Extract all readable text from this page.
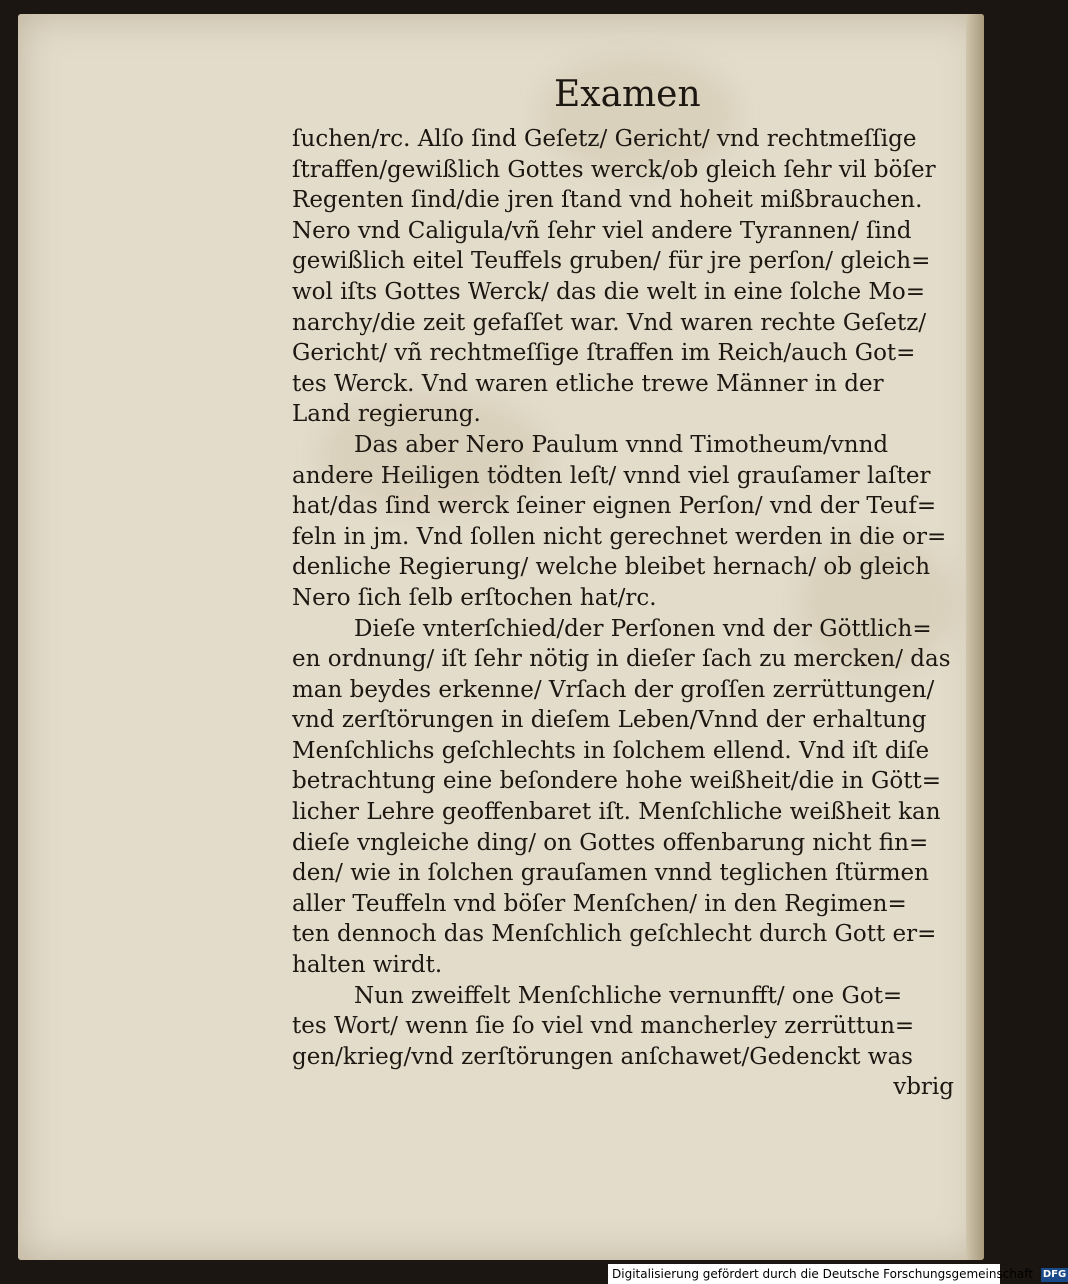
Examen
ſuchen/rc. Alſo ſind Geſetz/ Gericht/ vnd rechtmeſſige
ſtraffen/gewißlich Gottes werck/ob gleich ſehr vil böſer
Regenten ſind/die jren ſtand vnd hoheit mißbrauchen.
Nero vnd Caligula/vñ ſehr viel andere Tyrannen/ ſind
gewißlich eitel Teuffels gruben/ für jre perſon/ gleich=
wol iſts Gottes Werck/ das die welt in eine ſolche Mo=
narchy/die zeit gefaſſet war. Vnd waren rechte Geſetz/
Gericht/ vñ rechtmeſſige ſtraffen im Reich/auch Got=
tes Werck. Vnd waren etliche trewe Männer in der
Land regierung.
Das aber Nero Paulum vnnd Timotheum/vnnd
andere Heiligen tödten leſt/ vnnd viel grauſamer laſter
hat/das ſind werck ſeiner eignen Perſon/ vnd der Teuf=
feln in jm. Vnd ſollen nicht gerechnet werden in die or=
denliche Regierung/ welche bleibet hernach/ ob gleich
Nero ſich ſelb erſtochen hat/rc.
Dieſe vnterſchied/der Perſonen vnd der Göttlich=
en ordnung/ iſt ſehr nötig in dieſer ſach zu mercken/ das
man beydes erkenne/ Vrſach der groſſen zerrüttungen/
vnd zerſtörungen in dieſem Leben/Vnnd der erhaltung
Menſchlichs geſchlechts in ſolchem ellend. Vnd iſt diſe
betrachtung eine beſondere hohe weißheit/die in Gött=
licher Lehre geoffenbaret iſt. Menſchliche weißheit kan
dieſe vngleiche ding/ on Gottes offenbarung nicht fin=
den/ wie in ſolchen grauſamen vnnd teglichen ſtürmen
aller Teuffeln vnd böſer Menſchen/ in den Regimen=
ten dennoch das Menſchlich geſchlecht durch Gott er=
halten wirdt.
Nun zweiffelt Menſchliche vernunfft/ one Got=
tes Wort/ wenn ſie ſo viel vnd mancherley zerrüttun=
gen/krieg/vnd zerſtörungen anſchawet/Gedenckt was
vbrig
Digitalisierung gefördert durch die Deutsche Forschungsgemeinschaft DFG
